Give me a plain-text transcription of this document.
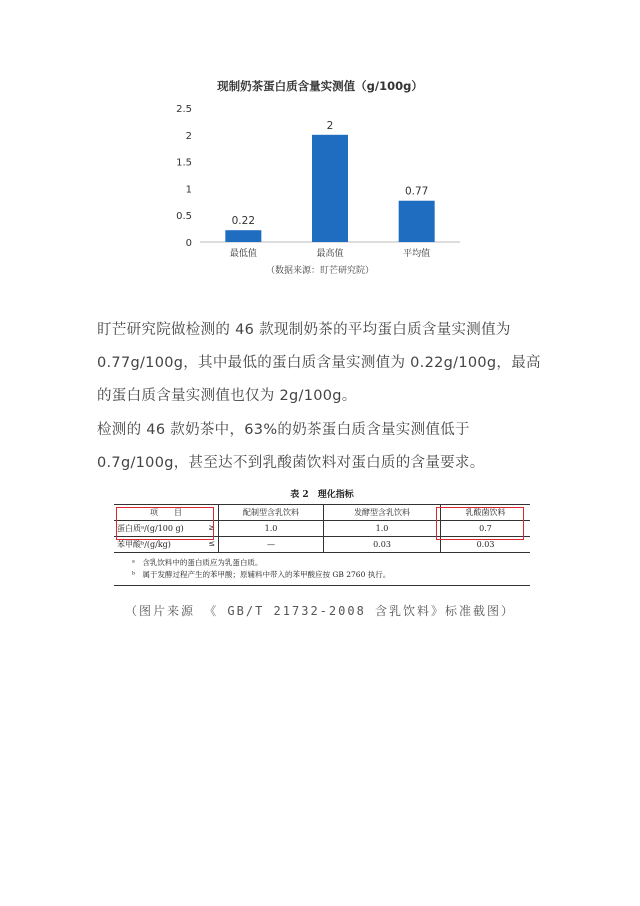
现制奶茶蛋白质含量实测值（g/100g）
0
0.5
1
1.5
2
2.5
0.22
最低值
2
最高值
0.77
平均值
（数据来源：盯芒研究院）
盯芒研究院做检测的 46 款现制奶茶的平均蛋白质含量实测值为 0.77g/100g，其中最低的蛋白质含量实测值为 0.22g/100g，最高的蛋白质含量实测值也仅为 2g/100g。
检测的 46 款奶茶中，63%的奶茶蛋白质含量实测值低于 0.7g/100g，甚至达不到乳酸菌饮料对蛋白质的含量要求。
表 2　理化指标
项　　目	配制型含乳饮料	发酵型含乳饮料	乳酸菌饮料
蛋白质ᵃ/(g/100 g) ≥	1.0	1.0	0.7
苯甲酸ᵇ/(g/kg) ≤	—	0.03	0.03

ᵃ　含乳饮料中的蛋白质应为乳蛋白质。
ᵇ　属于发酵过程产生的苯甲酸；原辅料中带入的苯甲酸应按 GB 2760 执行。			
（图片来源 《 GB/T 21732-2008 含乳饮料》标准截图）
